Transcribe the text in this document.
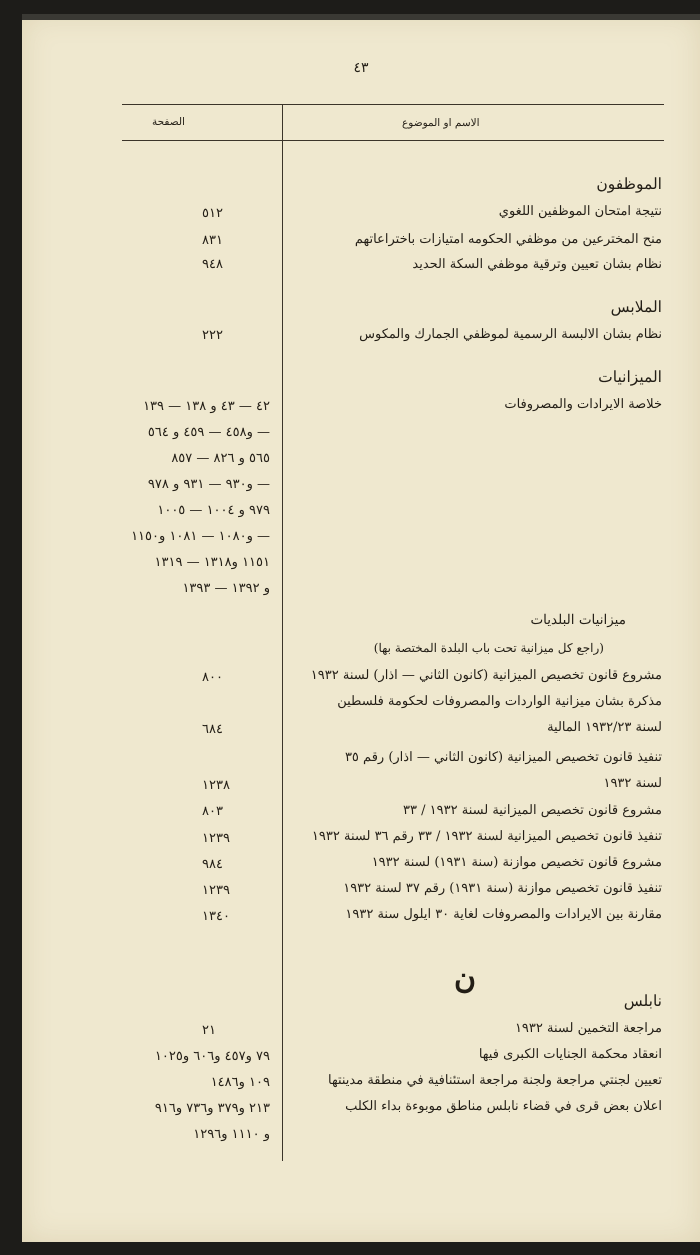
٤٣
الصفحة	الاسم او الموضوع
الموظفون
نتيجة امتحان الموظفين اللغوي
٥١٢
منح المخترعين من موظفي الحكومه امتيازات باختراعاتهم
٨٣١
نظام بشان تعيين وترقية موظفي السكة الحديد
٩٤٨
الملابس
نظام بشان الالبسة الرسمية لموظفي الجمارك والمكوس
٢٢٢
الميزانيات
خلاصة الايرادات والمصروفات
٤٢ — ٤٣ و ١٣٨ — ١٣٩
و٤٥٨ — ٤٥٩ و ٥٦٤ —
٥٦٥ و ٨٢٦ — ٨٥٧
و٩٣٠ — ٩٣١ و ٩٧٨ —
٩٧٩ و ١٠٠٤ — ١٠٠٥
و١٠٨٠ — ١٠٨١ و١١٥٠ —
١١٥١ و١٣١٨ — ١٣١٩
و ١٣٩٢ — ١٣٩٣
ميزانيات البلديات
(راجع كل ميزانية تحت باب البلدة المختصة بها)
مشروع قانون تخصيص الميزانية (كانون الثاني — اذار) لسنة ١٩٣٢
٨٠٠
مذكرة بشان ميزانية الواردات والمصروفات لحكومة فلسطين
لسنة ١٩٣٢/٢٣ المالية
٦٨٤
تنفيذ قانون تخصيص الميزانية (كانون الثاني — اذار) رقم ٣٥
لسنة ١٩٣٢
١٢٣٨
مشروع قانون تخصيص الميزانية لسنة ١٩٣٢ / ٣٣
٨٠٣
تنفيذ قانون تخصيص الميزانية لسنة ١٩٣٢ / ٣٣ رقم ٣٦ لسنة ١٩٣٢
١٢٣٩
مشروع قانون تخصيص موازنة (سنة ١٩٣١) لسنة ١٩٣٢
٩٨٤
تنفيذ قانون تخصيص موازنة (سنة ١٩٣١) رقم ٣٧ لسنة ١٩٣٢
١٢٣٩
مقارنة بين الايرادات والمصروفات لغاية ٣٠ ايلول سنة ١٩٣٢
١٣٤٠
ن
نابلس
مراجعة التخمين لسنة ١٩٣٢
٢١
انعقاد محكمة الجنايات الكبرى فيها
٧٩ و٤٥٧ و٦٠٦ و١٠٢٥
تعيين لجنتي مراجعة ولجنة مراجعة استئنافية في منطقة مدينتها
١٠٩ و١٤٨٦
اعلان بعض قرى في قضاء نابلس مناطق موبوءة بداء الكلب
٢١٣ و٣٧٩ و٧٣٦ و٩١٦
و ١١١٠ و١٢٩٦
